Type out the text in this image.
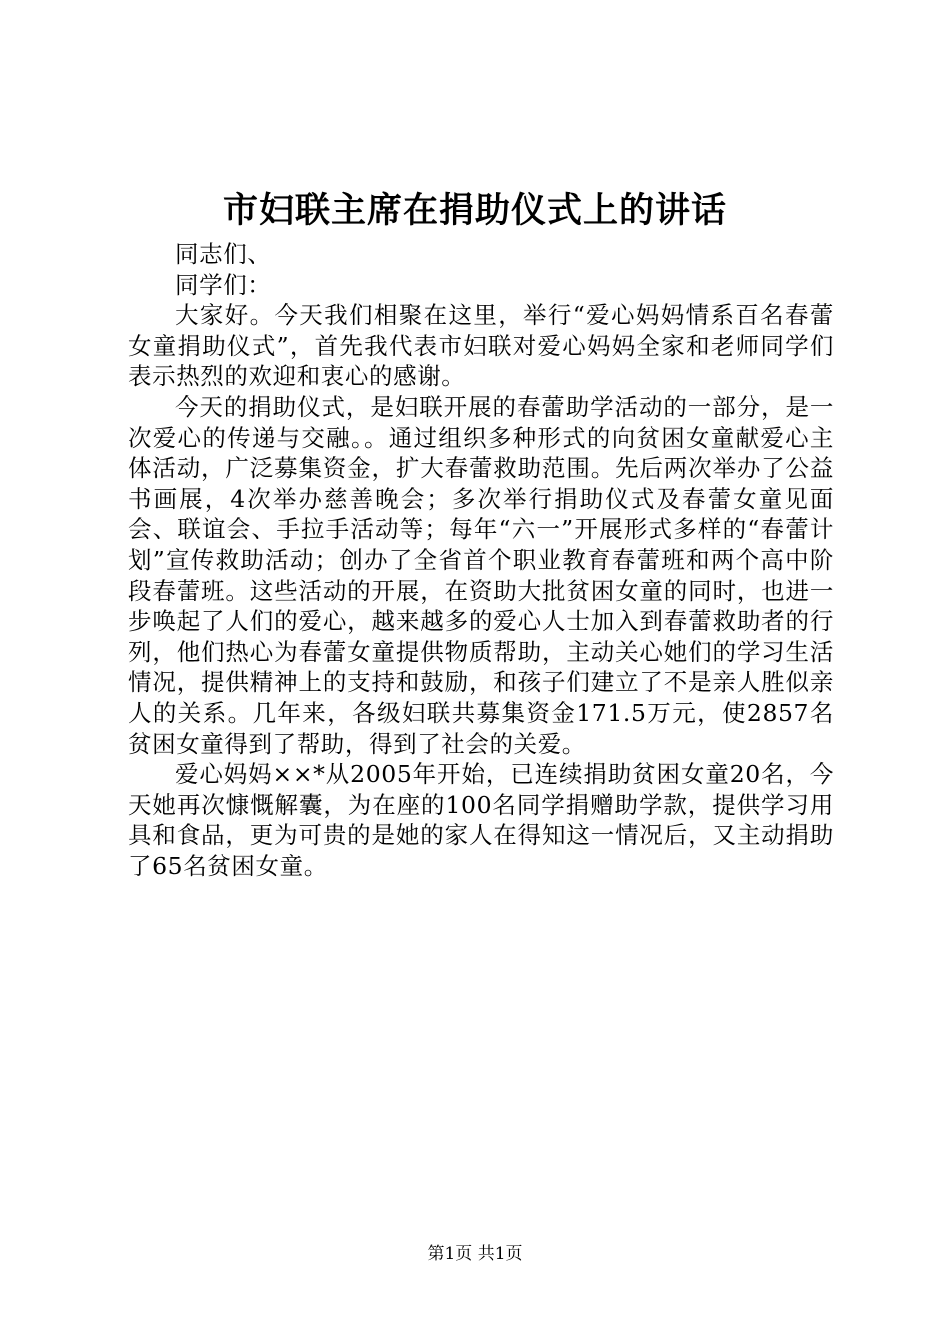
市妇联主席在捐助仪式上的讲话

同志们、

同学们：

大家好。今天我们相聚在这里，举行“爱心妈妈情系百名春蕾女童捐助仪式”，首先我代表市妇联对爱心妈妈全家和老师同学们表示热烈的欢迎和衷心的感谢。

今天的捐助仪式，是妇联开展的春蕾助学活动的一部分，是一次爱心的传递与交融。。通过组织多种形式的向贫困女童献爱心主体活动，广泛募集资金，扩大春蕾救助范围。先后两次举办了公益书画展，4次举办慈善晚会；多次举行捐助仪式及春蕾女童见面会、联谊会、手拉手活动等；每年“六一”开展形式多样的“春蕾计划”宣传救助活动；创办了全省首个职业教育春蕾班和两个高中阶段春蕾班。这些活动的开展，在资助大批贫困女童的同时，也进一步唤起了人们的爱心，越来越多的爱心人士加入到春蕾救助者的行列，他们热心为春蕾女童提供物质帮助，主动关心她们的学习生活情况，提供精神上的支持和鼓励，和孩子们建立了不是亲人胜似亲人的关系。几年来，各级妇联共募集资金171.5万元，使2857名贫困女童得到了帮助，得到了社会的关爱。

爱心妈妈××*从2005年开始，已连续捐助贫困女童20名，今天她再次慷慨解囊，为在座的100名同学捐赠助学款，提供学习用具和食品，更为可贵的是她的家人在得知这一情况后，又主动捐助了65名贫困女童。

第1页 共1页
